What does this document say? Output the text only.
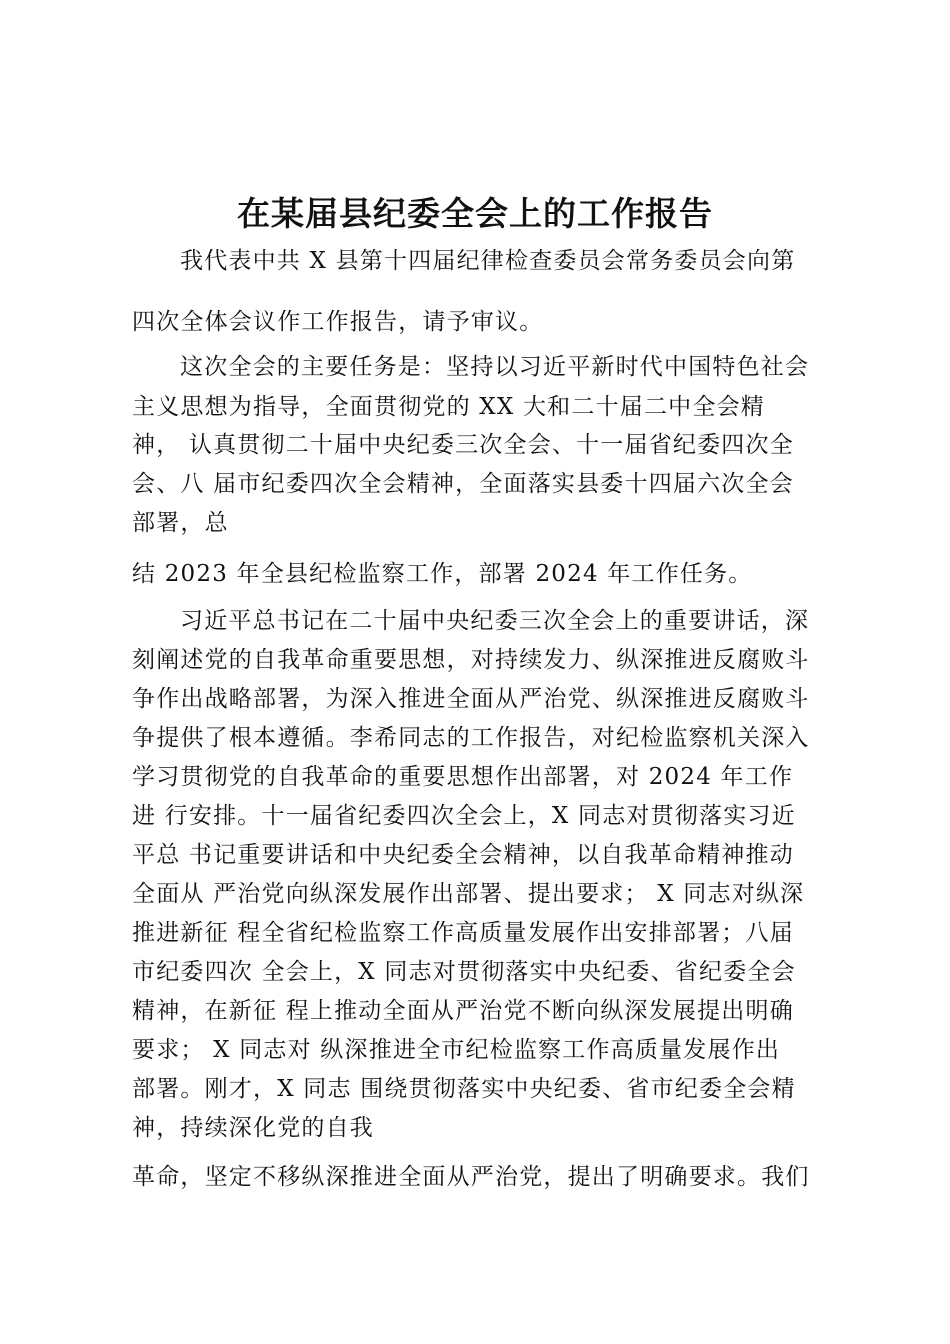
在某届县纪委全会上的工作报告
我代表中共 X 县第十四届纪律检查委员会常务委员会向第
四次全体会议作工作报告，请予审议。
这次全会的主要任务是：坚持以习近平新时代中国特色社会
主义思想为指导，全面贯彻党的 XX 大和二十届二中全会精
神， 认真贯彻二十届中央纪委三次全会、十一届省纪委四次全
会、八 届市纪委四次全会精神，全面落实县委十四届六次全会
部署，总
结 2023 年全县纪检监察工作，部署 2024 年工作任务。
习近平总书记在二十届中央纪委三次全会上的重要讲话，深
刻阐述党的自我革命重要思想，对持续发力、纵深推进反腐败斗
争作出战略部署，为深入推进全面从严治党、纵深推进反腐败斗
争提供了根本遵循。李希同志的工作报告，对纪检监察机关深入
学习贯彻党的自我革命的重要思想作出部署，对 2024 年工作
进 行安排。十一届省纪委四次全会上，X 同志对贯彻落实习近
平总 书记重要讲话和中央纪委全会精神，以自我革命精神推动
全面从 严治党向纵深发展作出部署、提出要求； X 同志对纵深
推进新征 程全省纪检监察工作高质量发展作出安排部署；八届
市纪委四次 全会上，X 同志对贯彻落实中央纪委、省纪委全会
精神，在新征 程上推动全面从严治党不断向纵深发展提出明确
要求； X 同志对 纵深推进全市纪检监察工作高质量发展作出
部署。刚才，X 同志 围绕贯彻落实中央纪委、省市纪委全会精
神，持续深化党的自我
革命，坚定不移纵深推进全面从严治党，提出了明确要求。我们
